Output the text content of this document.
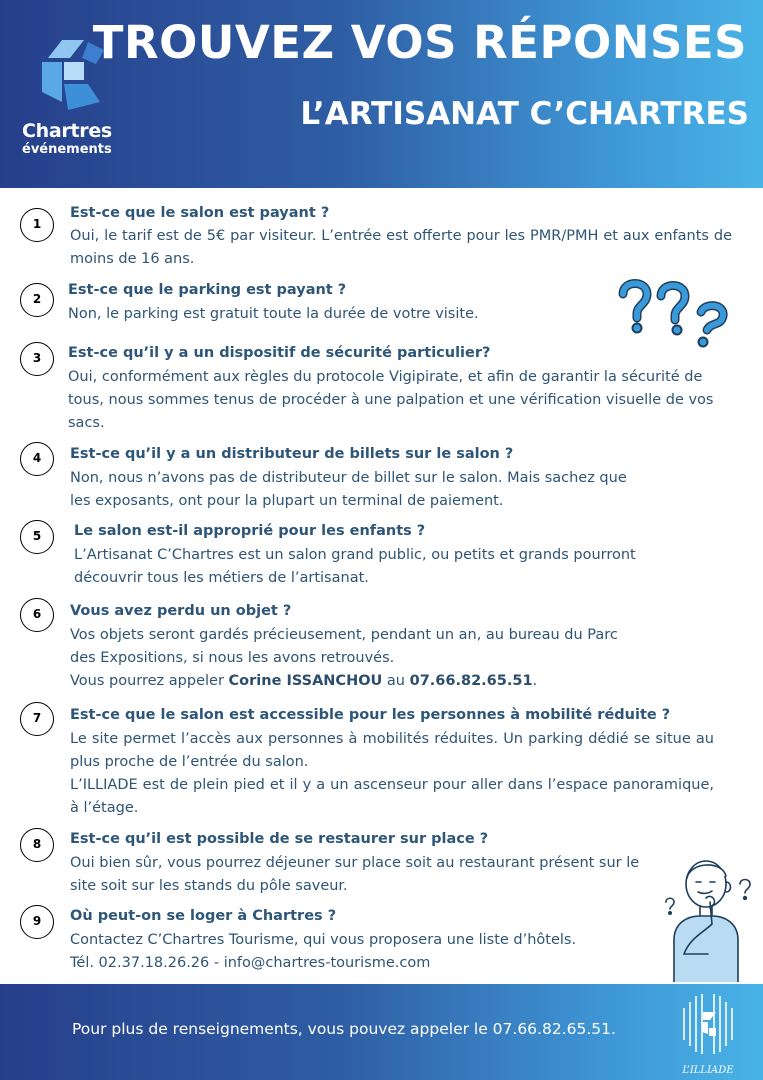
Chartres
événements
TROUVEZ VOS RÉPONSES
L’ARTISANAT C’CHARTRES
1
Est-ce que le salon est payant ?
Oui, le tarif est de 5€ par visiteur. L’entrée est offerte pour les PMR/PMH et aux enfants de moins de 16 ans.
2
Est-ce que le parking est payant ?
Non, le parking est gratuit toute la durée de votre visite.
3	Est-ce qu’il y a un dispositif de sécurité particulier?
Oui, conformément aux règles du protocole Vigipirate, et afin de garantir la sécurité de tous, nous sommes tenus de procéder à une palpation et une vérification visuelle de vos sacs.
4	Est-ce qu’il y a un distributeur de billets sur le salon ?

Non, nous n’avons pas de distributeur de billet sur le salon. Mais sachez que

les exposants, ont pour la plupart un terminal de paiement.

5	Le salon est-il approprié pour les enfants ?

L’Artisanat C’Chartres est un salon grand public, ou petits et grands pourront

découvrir tous les métiers de l’artisanat.

6	Vous avez perdu un objet ?

Vos objets seront gardés précieusement, pendant un an, au bureau du Parc

des Expositions, si nous les avons retrouvés.

Vous pourrez appeler Corine ISSANCHOU au 07.66.82.65.51.

7	Est-ce que le salon est accessible pour les personnes à mobilité réduite ?

Le site permet l’accès aux personnes à mobilités réduites. Un parking dédié se situe au plus proche de l’entrée du salon.

L’ILLIADE est de plein pied et il y a un ascenseur pour aller dans l’espace panoramique, à l’étage.

8	Est-ce qu’il est possible de se restaurer sur place ?

Oui bien sûr, vous pourrez déjeuner sur place soit au restaurant présent sur le

site soit sur les stands du pôle saveur.

9	Où peut-on se loger à Chartres ?

Contactez C’Chartres Tourisme, qui vous proposera une liste d’hôtels.

Tél. 02.37.18.26.26 - info@chartres-tourisme.com

Pour plus de renseignements, vous pouvez appeler le 07.66.82.65.51.
L’ILLIADE
